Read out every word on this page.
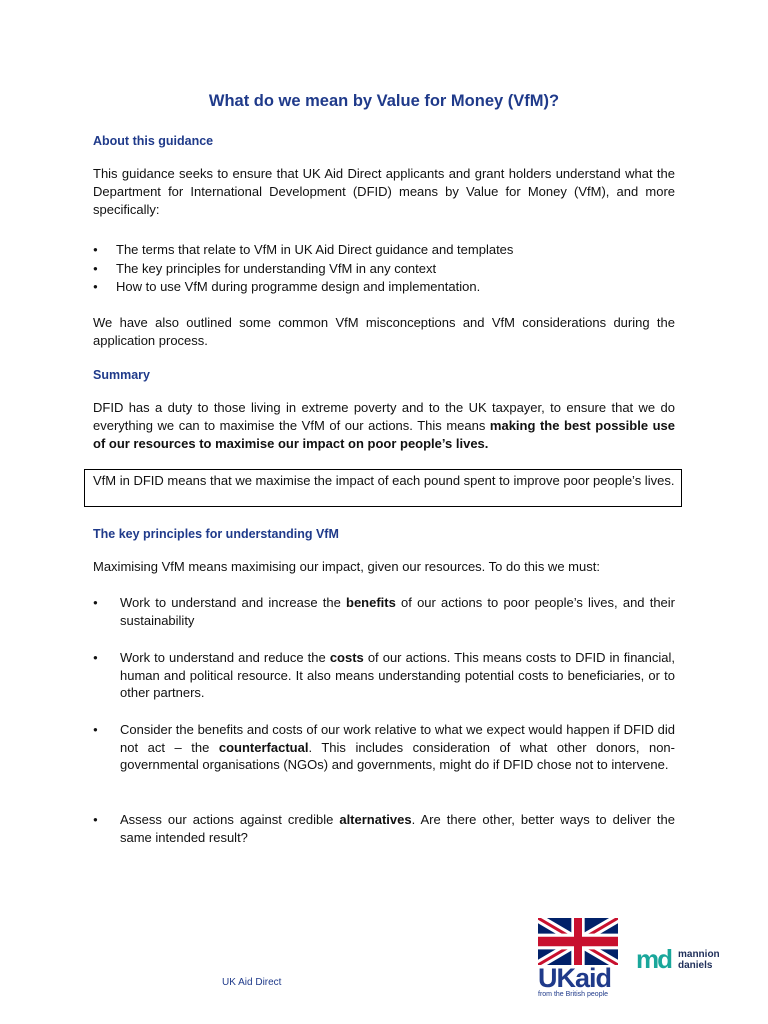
What do we mean by Value for Money (VfM)?
About this guidance
This guidance seeks to ensure that UK Aid Direct applicants and grant holders understand what the Department for International Development (DFID) means by Value for Money (VfM), and more specifically:
● The terms that relate to VfM in UK Aid Direct guidance and templates
● The key principles for understanding VfM in any context
● How to use VfM during programme design and implementation.
We have also outlined some common VfM misconceptions and VfM considerations during the application process.
Summary
DFID has a duty to those living in extreme poverty and to the UK taxpayer, to ensure that we do everything we can to maximise the VfM of our actions. This means making the best possible use of our resources to maximise our impact on poor people’s lives.
VfM in DFID means that we maximise the impact of each pound spent to improve poor people’s lives.
The key principles for understanding VfM
Maximising VfM means maximising our impact, given our resources. To do this we must:
● Work to understand and increase the benefits of our actions to poor people’s lives, and their sustainability
● Work to understand and reduce the costs of our actions. This means costs to DFID in financial, human and political resource. It also means understanding potential costs to beneficiaries, or to other partners.
● Consider the benefits and costs of our work relative to what we expect would happen if DFID did not act – the counterfactual. This includes consideration of what other donors, non-governmental organisations (NGOs) and governments, might do if DFID chose not to intervene.
● Assess our actions against credible alternatives. Are there other, better ways to deliver the same intended result?
UK Aid Direct	UKaid
from the British people
md mannion
daniels
